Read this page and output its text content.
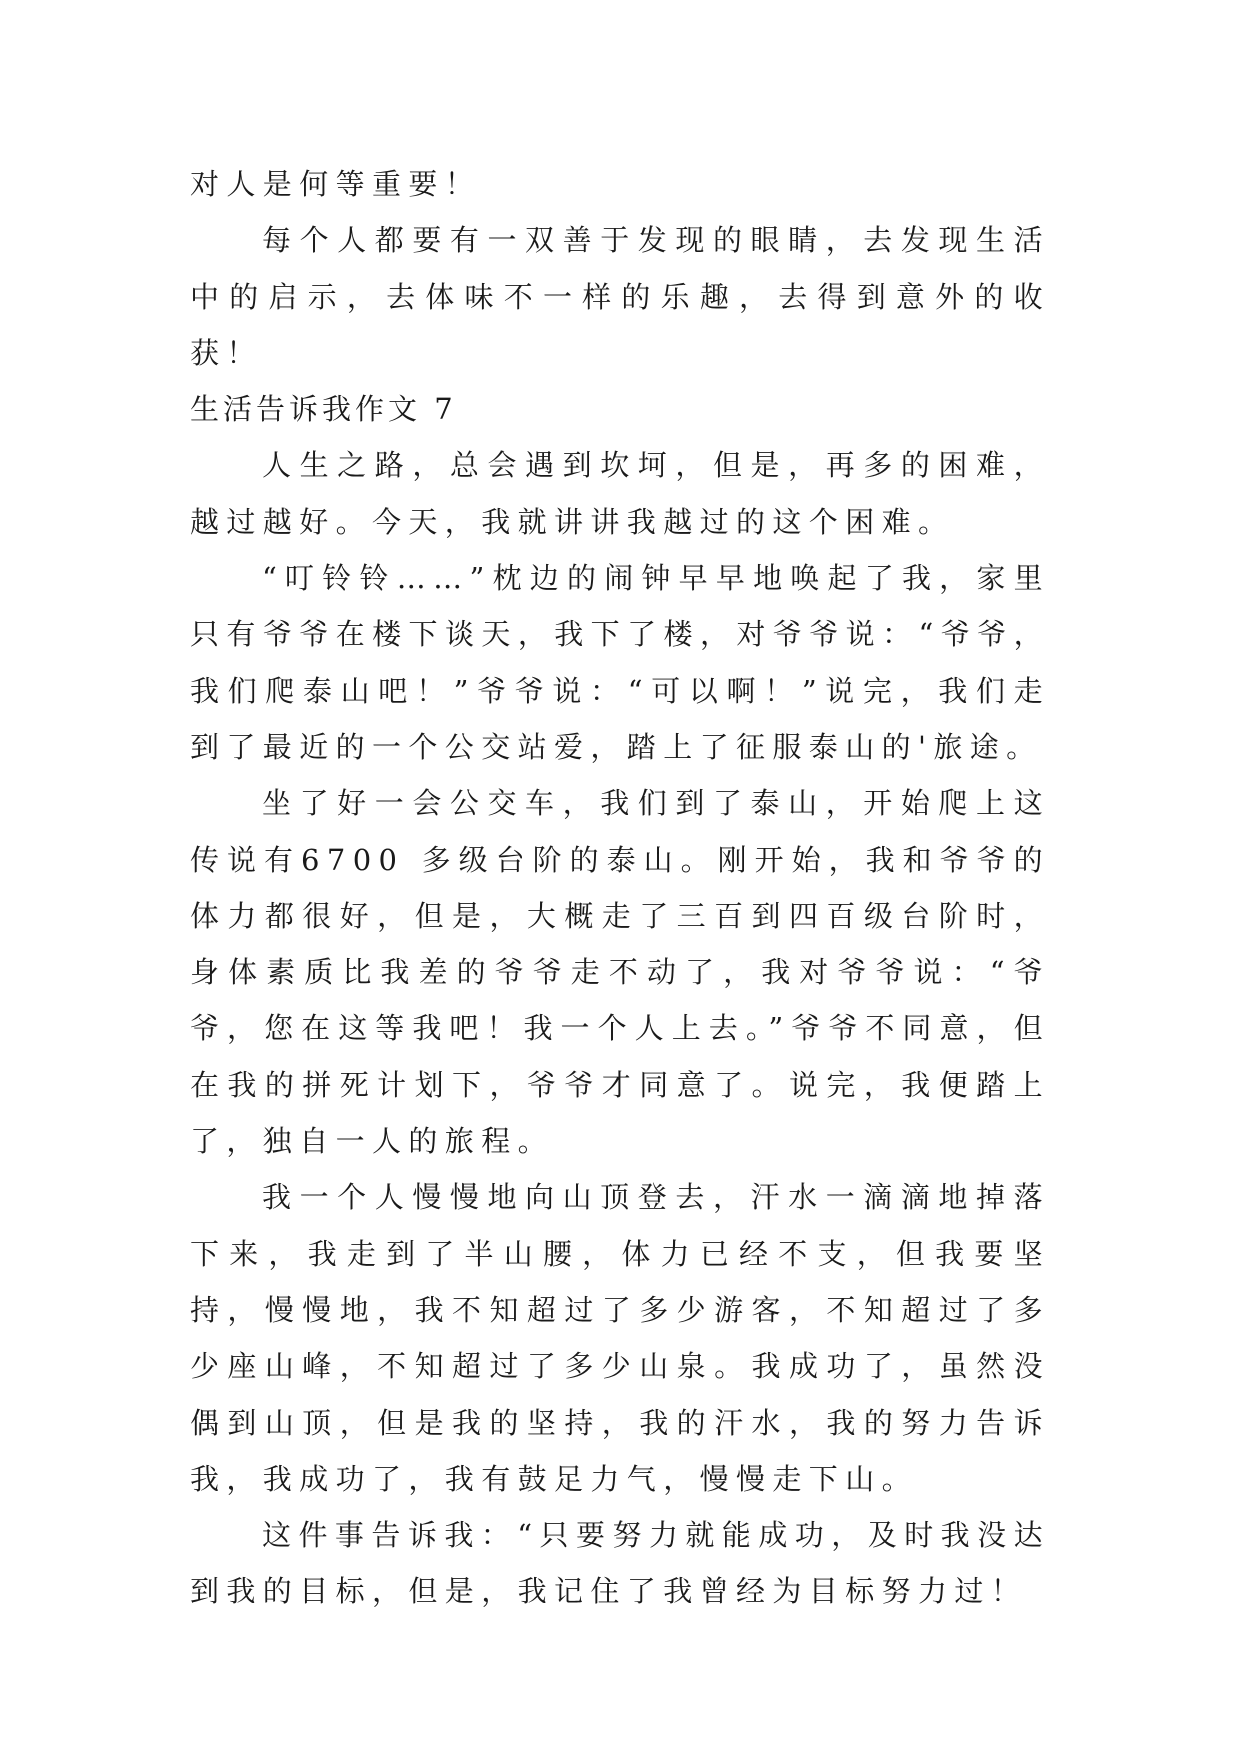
对人是何等重要！

每个人都要有一双善于发现的眼睛，去发现生活中的启示，去体味不一样的乐趣，去得到意外的收获！

生活告诉我作文 7

人生之路，总会遇到坎坷，但是，再多的困难，越过越好。今天，我就讲讲我越过的这个困难。

“叮铃铃……”枕边的闹钟早早地唤起了我，家里只有爷爷在楼下谈天，我下了楼，对爷爷说：“爷爷，我们爬泰山吧！”爷爷说：“可以啊！”说完，我们走到了最近的一个公交站爱，踏上了征服泰山的'旅途。

坐了好一会公交车，我们到了泰山，开始爬上这传说有6700 多级台阶的泰山。刚开始，我和爷爷的体力都很好，但是，大概走了三百到四百级台阶时，身体素质比我差的爷爷走不动了，我对爷爷说：“爷爷，您在这等我吧！我一个人上去。”爷爷不同意，但在我的拼死计划下，爷爷才同意了。说完，我便踏上了，独自一人的旅程。

我一个人慢慢地向山顶登去，汗水一滴滴地掉落下来，我走到了半山腰，体力已经不支，但我要坚持，慢慢地，我不知超过了多少游客，不知超过了多少座山峰，不知超过了多少山泉。我成功了，虽然没偶到山顶，但是我的坚持，我的汗水，我的努力告诉我，我成功了，我有鼓足力气，慢慢走下山。

这件事告诉我：“只要努力就能成功，及时我没达到我的目标，但是，我记住了我曾经为目标努力过！
